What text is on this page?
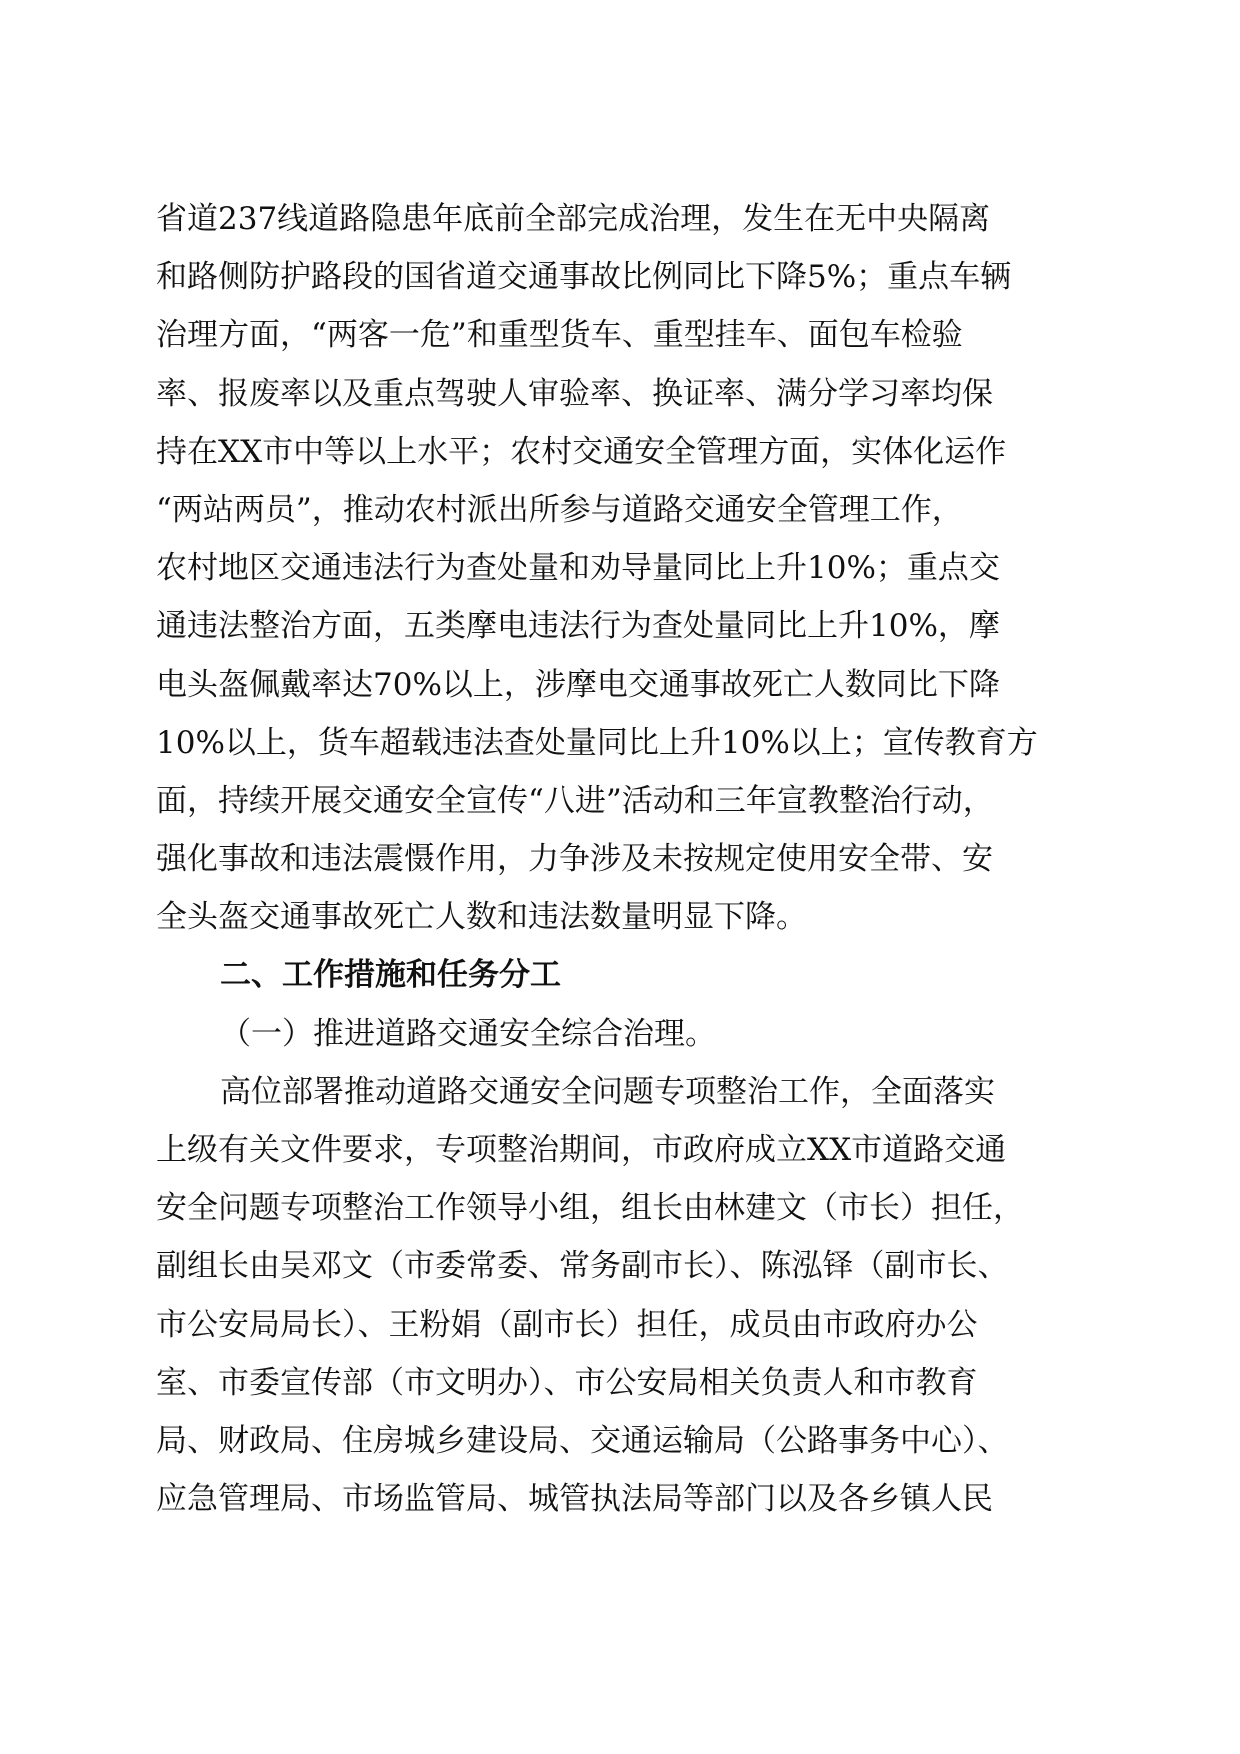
省道237线道路隐患年底前全部完成治理，发生在无中央隔离
和路侧防护路段的国省道交通事故比例同比下降5%；重点车辆
治理方面，“两客一危”和重型货车、重型挂车、面包车检验
率、报废率以及重点驾驶人审验率、换证率、满分学习率均保
持在XX市中等以上水平；农村交通安全管理方面，实体化运作
“两站两员”，推动农村派出所参与道路交通安全管理工作，
农村地区交通违法行为查处量和劝导量同比上升10%；重点交
通违法整治方面，五类摩电违法行为查处量同比上升10%，摩
电头盔佩戴率达70%以上，涉摩电交通事故死亡人数同比下降
10%以上，货车超载违法查处量同比上升10%以上；宣传教育方
面，持续开展交通安全宣传“八进”活动和三年宣教整治行动，
强化事故和违法震慑作用，力争涉及未按规定使用安全带、安
全头盔交通事故死亡人数和违法数量明显下降。
二、工作措施和任务分工
（一）推进道路交通安全综合治理。
高位部署推动道路交通安全问题专项整治工作，全面落实
上级有关文件要求，专项整治期间，市政府成立XX市道路交通
安全问题专项整治工作领导小组，组长由林建文（市长）担任，
副组长由吴邓文（市委常委、常务副市长）、陈泓铎（副市长、
市公安局局长）、王粉娟（副市长）担任，成员由市政府办公
室、市委宣传部（市文明办）、市公安局相关负责人和市教育
局、财政局、住房城乡建设局、交通运输局（公路事务中心）、
应急管理局、市场监管局、城管执法局等部门以及各乡镇人民
